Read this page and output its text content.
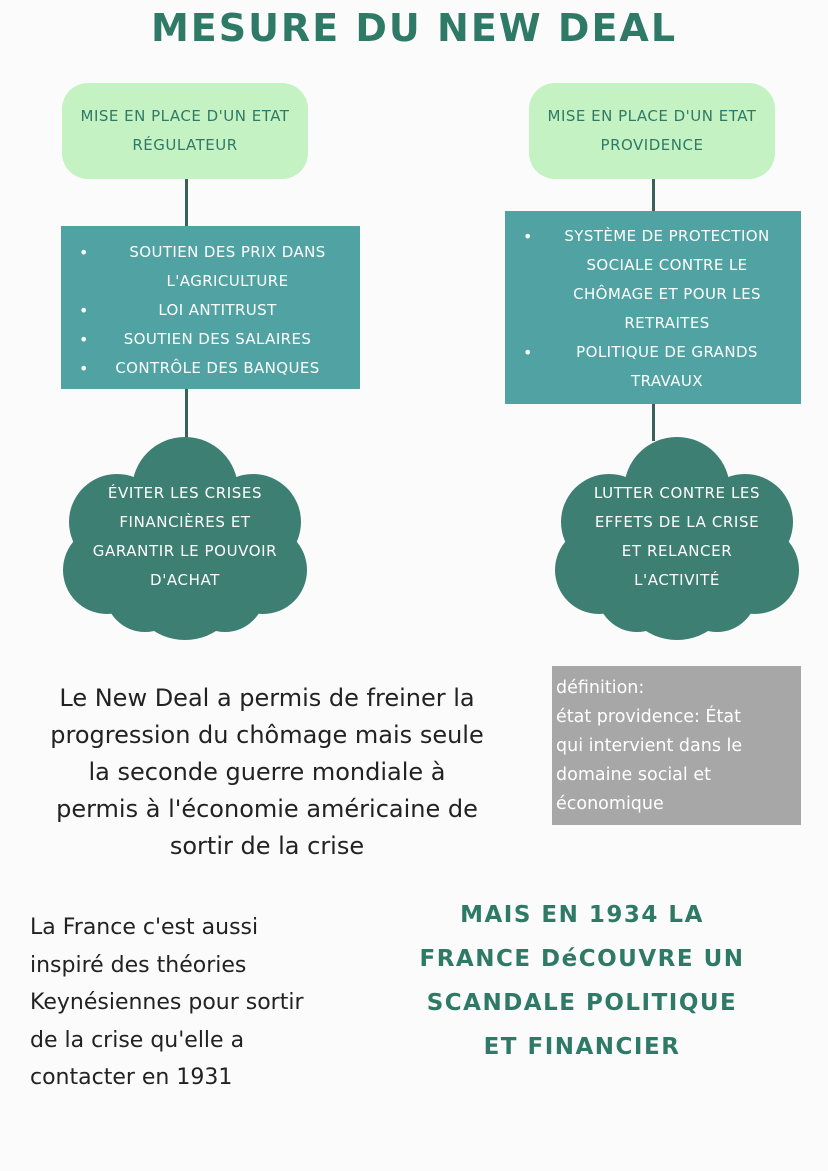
MESURE DU NEW DEAL
MISE EN PLACE D'UN ETAT
RÉGULATEUR
• SOUTIEN DES PRIX DANS L'AGRICULTURE
• LOI ANTITRUST
• SOUTIEN DES SALAIRES
• CONTRÔLE DES BANQUES
ÉVITER LES CRISES
FINANCIÈRES ET
GARANTIR LE POUVOIR
D'ACHAT
MISE EN PLACE D'UN ETAT
PROVIDENCE
• SYSTÈME DE PROTECTION SOCIALE CONTRE LE CHÔMAGE ET POUR LES RETRAITES
• POLITIQUE DE GRANDS TRAVAUX
LUTTER CONTRE LES
EFFETS DE LA CRISE
ET RELANCER
L'ACTIVITÉ
Le New Deal a permis de freiner la
progression du chômage mais seule
la seconde guerre mondiale à
permis à l'économie américaine de
sortir de la crise
définition:
état providence: État
qui intervient dans le
domaine social et
économique
La France c'est aussi
inspiré des théories
Keynésiennes pour sortir
de la crise qu'elle a
contacter en 1931
MAIS EN 1934 LA
FRANCE DéCOUVRE UN
SCANDALE POLITIQUE
ET FINANCIER
